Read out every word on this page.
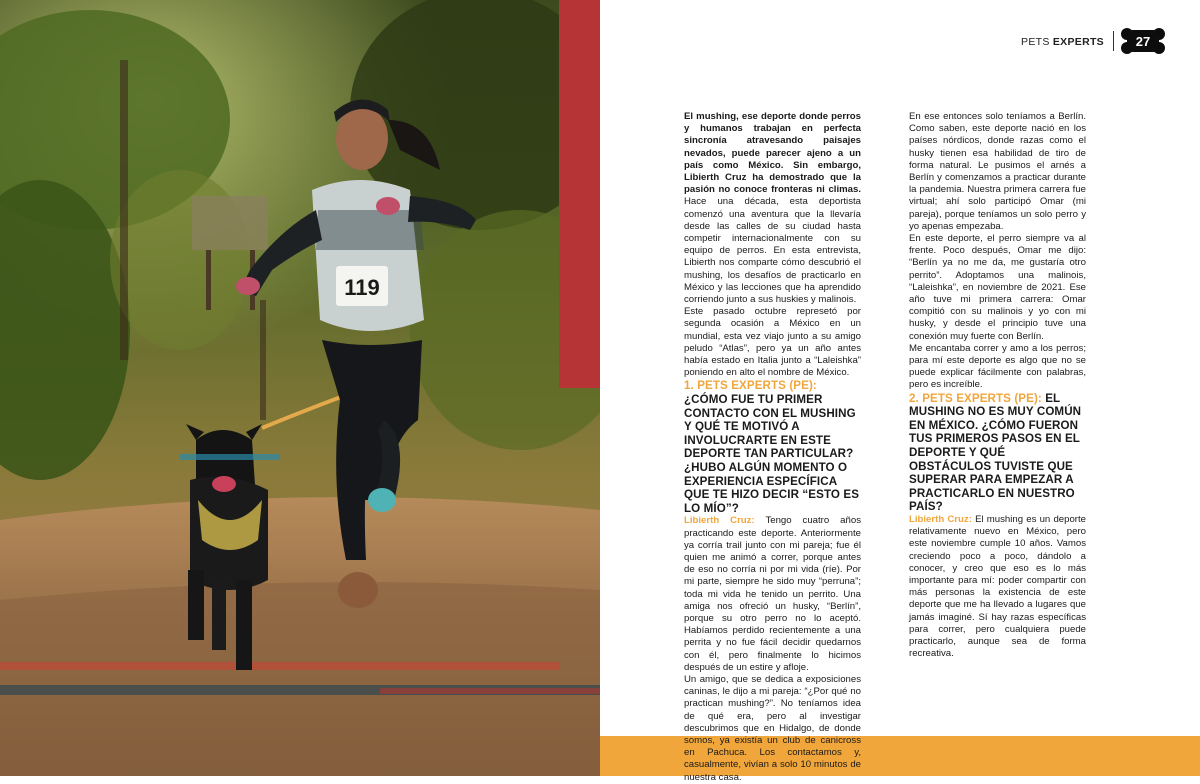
119
PETS EXPERTS 27

El mushing, ese deporte donde perros y humanos trabajan en perfecta sincronía atravesando paisajes nevados, puede parecer ajeno a un país como México. Sin embargo, Libierth Cruz ha demostrado que la pasión no conoce fronteras ni climas. Hace una década, esta deportista comenzó una aventura que la llevaría desde las calles de su ciudad hasta competir internacionalmente con su equipo de perros. En esta entrevista, Libierth nos comparte cómo descubrió el mushing, los desafíos de practicarlo en México y las lecciones que ha aprendido corriendo junto a sus huskies y malinois.

Este pasado octubre represetó por segunda ocasión a México en un mundial, esta vez viajo junto a su amigo peludo “Atlas”, pero ya un año antes había estado en Italia junto a “Laleishka” poniendo en alto el nombre de México.

1. PETS EXPERTS (PE): ¿CÓMO FUE TU PRIMER CONTACTO CON EL MUSHING Y QUÉ TE MOTIVÓ A INVOLUCRARTE EN ESTE DEPORTE TAN PARTICULAR? ¿HUBO ALGÚN MOMENTO O EXPERIENCIA ESPECÍFICA QUE TE HIZO DECIR “ESTO ES LO MÍO”?

Libierth Cruz: Tengo cuatro años practicando este deporte. Anteriormente ya corría trail junto con mi pareja; fue él quien me animó a correr, porque antes de eso no corría ni por mi vida (ríe). Por mi parte, siempre he sido muy “perruna”; toda mi vida he tenido un perrito. Una amiga nos ofreció un husky, “Berlín”, porque su otro perro no lo aceptó. Habíamos perdido recientemente a una perrita y no fue fácil decidir quedarnos con él, pero finalmente lo hicimos después de un estire y afloje.

Un amigo, que se dedica a exposiciones caninas, le dijo a mi pareja: “¿Por qué no practican mushing?”. No teníamos idea de qué era, pero al investigar descubrimos que en Hidalgo, de donde somos, ya existía un club de canicross en Pachuca. Los contactamos y, casualmente, vivían a solo 10 minutos de nuestra casa.

En ese entonces solo teníamos a Berlín. Como saben, este deporte nació en los países nórdicos, donde razas como el husky tienen esa habilidad de tiro de forma natural. Le pusimos el arnés a Berlín y comenzamos a practicar durante la pandemia. Nuestra primera carrera fue virtual; ahí solo participó Omar (mi pareja), porque teníamos un solo perro y yo apenas empezaba.

En este deporte, el perro siempre va al frente. Poco después, Omar me dijo: “Berlín ya no me da, me gustaría otro perrito”. Adoptamos una malinois, “Laleishka”, en noviembre de 2021. Ese año tuve mi primera carrera: Omar compitió con su malinois y yo con mi husky, y desde el principio tuve una conexión muy fuerte con Berlín.

Me encantaba correr y amo a los perros; para mí este deporte es algo que no se puede explicar fácilmente con palabras, pero es increíble.

2. PETS EXPERTS (PE): EL MUSHING NO ES MUY COMÚN EN MÉXICO. ¿CÓMO FUERON TUS PRIMEROS PASOS EN EL DEPORTE Y QUÉ OBSTÁCULOS TUVISTE QUE SUPERAR PARA EMPEZAR A PRACTICARLO EN NUESTRO PAÍS?

Libierth Cruz: El mushing es un deporte relativamente nuevo en México, pero este noviembre cumple 10 años. Vamos creciendo poco a poco, dándolo a conocer, y creo que eso es lo más importante para mí: poder compartir con más personas la existencia de este deporte que me ha llevado a lugares que jamás imaginé. Sí hay razas específicas para correr, pero cualquiera puede practicarlo, aunque sea de forma recreativa.
